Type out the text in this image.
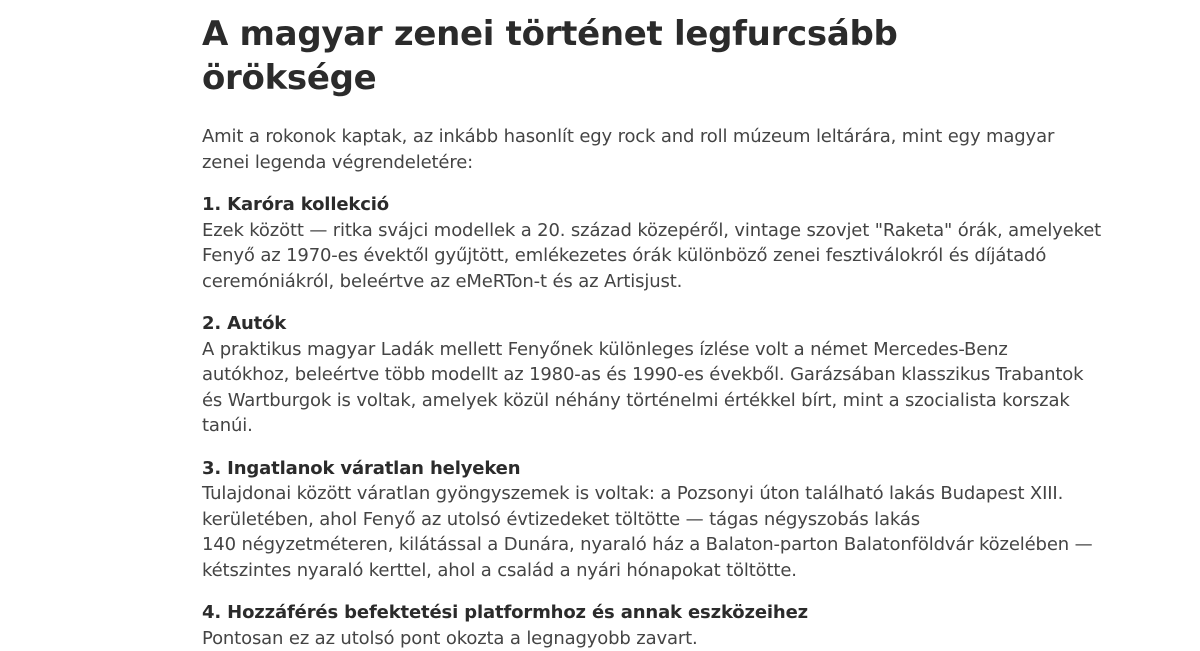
A magyar zenei történet legfurcsább öröksége

Amit a rokonok kaptak, az inkább hasonlít egy rock and roll múzeum leltárára, mint egy magyar
zenei legenda végrendeletére:

1. Karóra kollekció
Ezek között — ritka svájci modellek a 20. század közepéről, vintage szovjet "Raketa" órák, amelyeket
Fenyő az 1970-es évektől gyűjtött, emlékezetes órák különböző zenei fesztiválokról és díjátadó
ceremóniákról, beleértve az eMeRTon-t és az Artisjust.
2. Autók
A praktikus magyar Ladák mellett Fenyőnek különleges ízlése volt a német Mercedes-Benz
autókhoz, beleértve több modellt az 1980-as és 1990-es évekből. Garázsában klasszikus Trabantok
és Wartburgok is voltak, amelyek közül néhány történelmi értékkel bírt, mint a szocialista korszak
tanúi.
3. Ingatlanok váratlan helyeken
Tulajdonai között váratlan gyöngyszemek is voltak: a Pozsonyi úton található lakás Budapest XIII.
kerületében, ahol Fenyő az utolsó évtizedeket töltötte — tágas négyszobás lakás
140 négyzetméteren, kilátással a Dunára, nyaraló ház a Balaton-parton Balatonföldvár közelében —
kétszintes nyaraló kerttel, ahol a család a nyári hónapokat töltötte.
4. Hozzáférés befektetési platformhoz és annak eszközeihez
Pontosan ez az utolsó pont okozta a legnagyobb zavart.
